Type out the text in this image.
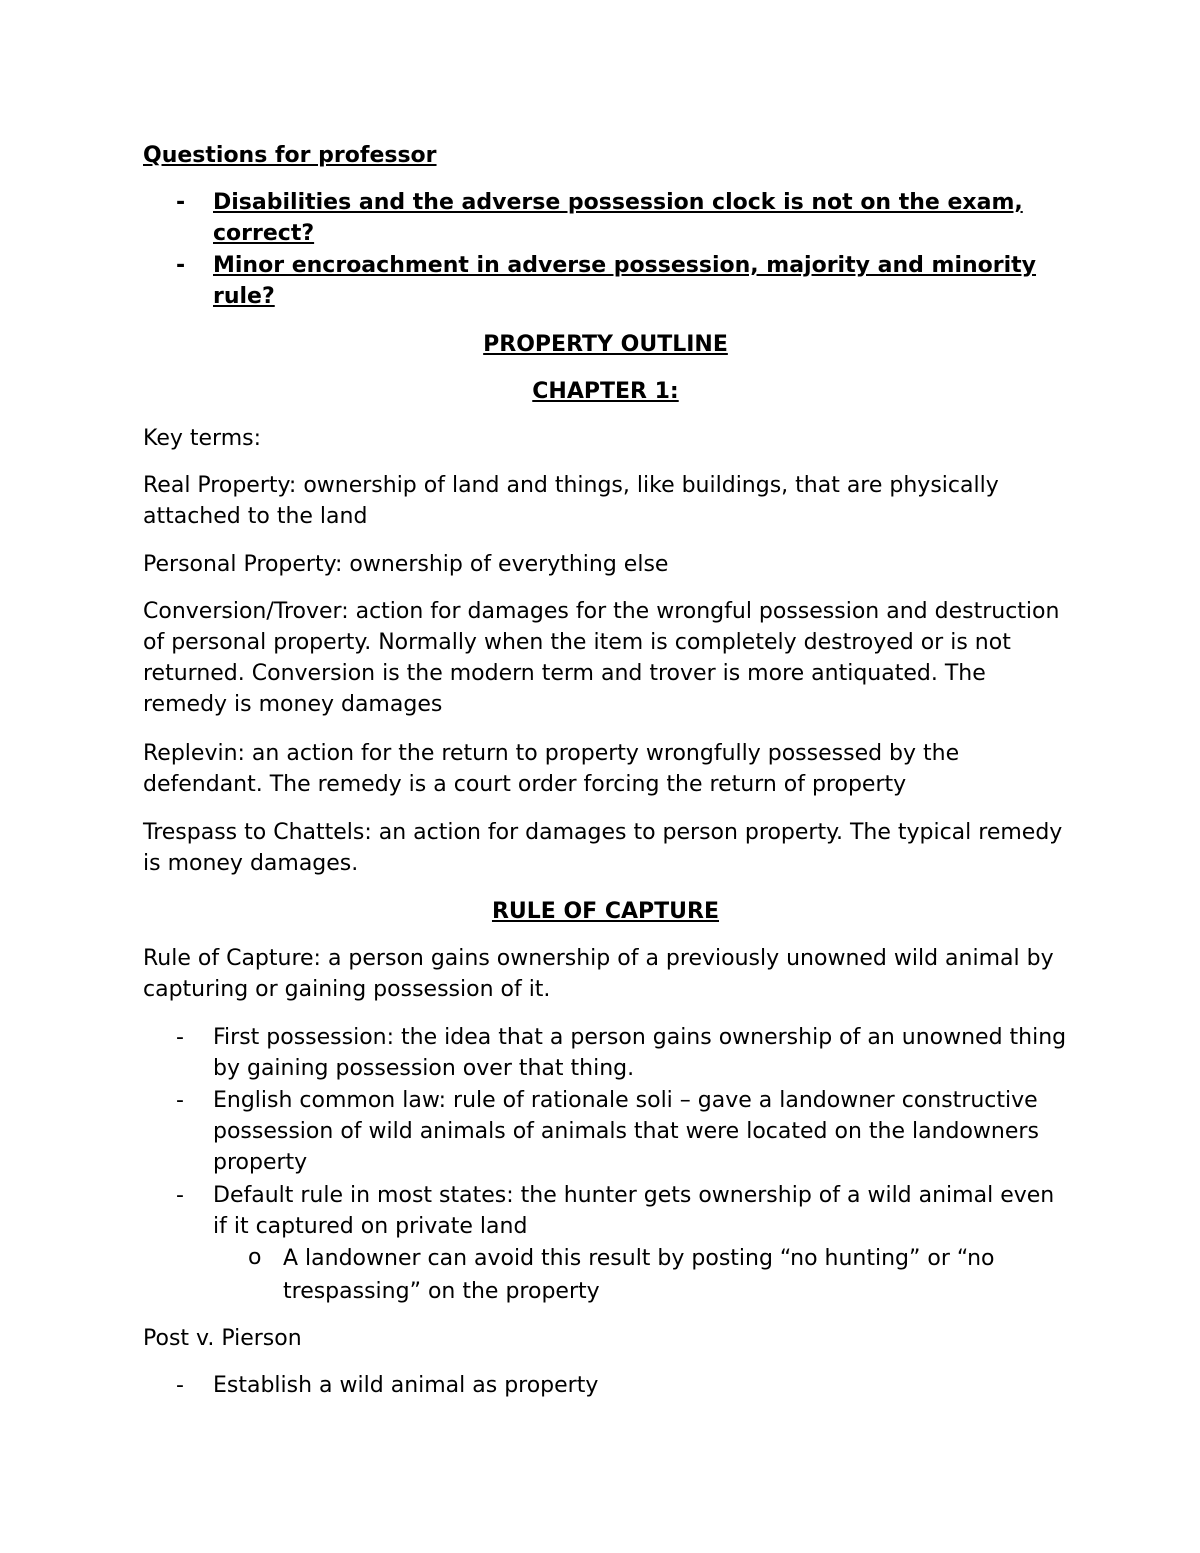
Questions for professor

- Disabilities and the adverse possession clock is not on the exam, correct?
- Minor encroachment in adverse possession, majority and minority rule?

PROPERTY OUTLINE

CHAPTER 1:

Key terms:

Real Property: ownership of land and things, like buildings, that are physically attached to the land

Personal Property: ownership of everything else

Conversion/Trover: action for damages for the wrongful possession and destruction of personal property. Normally when the item is completely destroyed or is not returned. Conversion is the modern term and trover is more antiquated. The remedy is money damages

Replevin: an action for the return to property wrongfully possessed by the defendant. The remedy is a court order forcing the return of property

Trespass to Chattels: an action for damages to person property. The typical remedy is money damages.

RULE OF CAPTURE

Rule of Capture: a person gains ownership of a previously unowned wild animal by capturing or gaining possession of it.

- First possession: the idea that a person gains ownership of an unowned thing by gaining possession over that thing.
- English common law: rule of rationale soli – gave a landowner constructive possession of wild animals of animals that were located on the landowners property
- Default rule in most states: the hunter gets ownership of a wild animal even if it captured on private land
o A landowner can avoid this result by posting “no hunting” or “no trespassing” on the property

Post v. Pierson

- Establish a wild animal as property
